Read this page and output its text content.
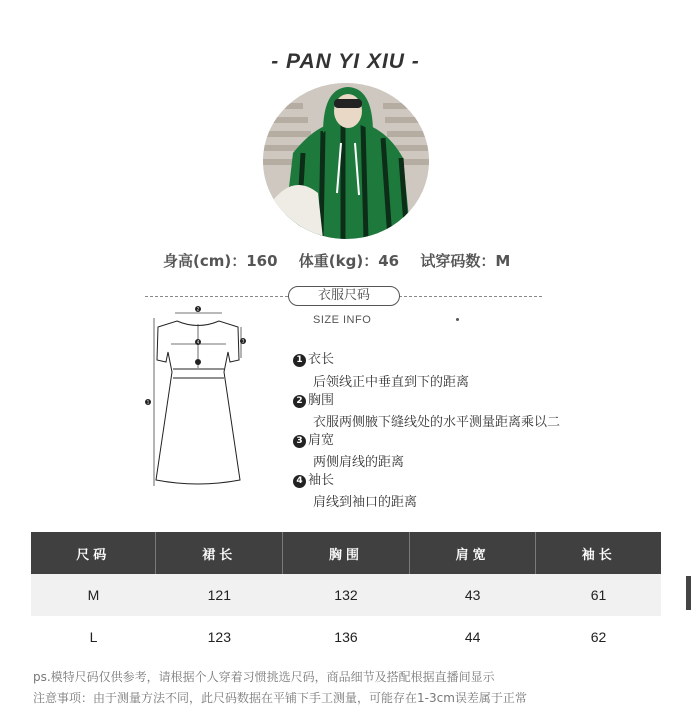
- PAN YI XIU -
身高(cm)：160 体重(kg)：46 试穿码数：M
衣服尺码
SIZE INFO
2
4	3
1
1 衣长
后领线正中垂直到下的距离
2 胸围
衣服两侧腋下缝线处的水平测量距离乘以二
3 肩宽
两侧肩线的距离
4 袖长
肩线到袖口的距离
尺码	裙长	胸围	肩宽	袖长
M	121	132	43	61
L	123	136	44	62
ps.模特尺码仅供参考，请根据个人穿着习惯挑选尺码，商品细节及搭配根据直播间显示
注意事项：由于测量方法不同，此尺码数据在平铺下手工测量，可能存在1-3cm误差属于正常
